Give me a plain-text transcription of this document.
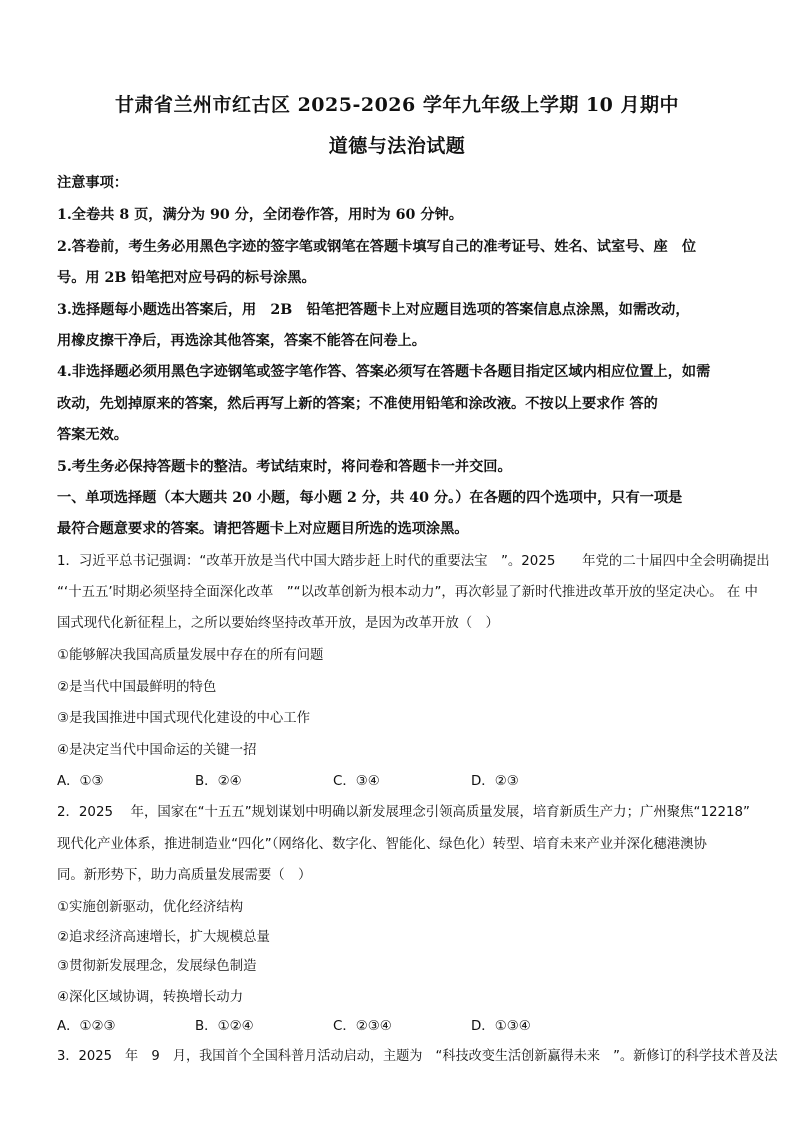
甘肃省兰州市红古区 2025-2026 学年九年级上学期 10 月期中
道德与法治试题
注意事项：
1.全卷共 8 页，满分为 90 分，全闭卷作答，用时为 60 分钟。
2.答卷前，考生务必用黑色字迹的签字笔或钢笔在答题卡填写自己的准考证号、姓名、试室号、座　位
号。用 2B 铅笔把对应号码的标号涂黑。
3.选择题每小题选出答案后，用　2B　铅笔把答题卡上对应题目选项的答案信息点涂黑，如需改动，
用橡皮擦干净后，再选涂其他答案，答案不能答在问卷上。
4.非选择题必须用黑色字迹钢笔或签字笔作答、答案必须写在答题卡各题目指定区域内相应位置上，如需
改动，先划掉原来的答案，然后再写上新的答案；不准使用铅笔和涂改液。不按以上要求作 答的
答案无效。
5.考生务必保持答题卡的整洁。考试结束时，将问卷和答题卡一并交回。
一、单项选择题（本大题共 20 小题，每小题 2 分，共 40 分。）在各题的四个选项中，只有一项是
最符合题意要求的答案。请把答题卡上对应题目所选的选项涂黑。
1．习近平总书记强调：“改革开放是当代中国大踏步赶上时代的重要法宝　”。2025　　年党的二十届四中全会明确提出
“‘十五五’时期必须坚持全面深化改革　”“以改革创新为根本动力”，再次彰显了新时代推进改革开放的坚定决心。 在 中
国式现代化新征程上，之所以要始终坚持改革开放，是因为改革开放（　）
①能够解决我国高质量发展中存在的所有问题
②是当代中国最鲜明的特色
③是我国推进中国式现代化建设的中心工作
④是决定当代中国命运的关键一招
A．①③	B．②④	C．③④	D．②③
2．2025　 年，国家在“十五五”规划谋划中明确以新发展理念引领高质量发展，培育新质生产力；广州聚焦“12218”
现代化产业体系，推进制造业“四化”（网络化、数字化、智能化、绿色化）转型、培育未来产业并深化穗港澳协
同。新形势下，助力高质量发展需要（　）
①实施创新驱动，优化经济结构
②追求经济高速增长，扩大规模总量
③贯彻新发展理念，发展绿色制造
④深化区域协调，转换增长动力
A．①②③	B．①②④	C．②③④	D．①③④
3．2025　年　9　月，我国首个全国科普月活动启动，主题为　“科技改变生活创新赢得未来　”。新修订的科学技术普及法
